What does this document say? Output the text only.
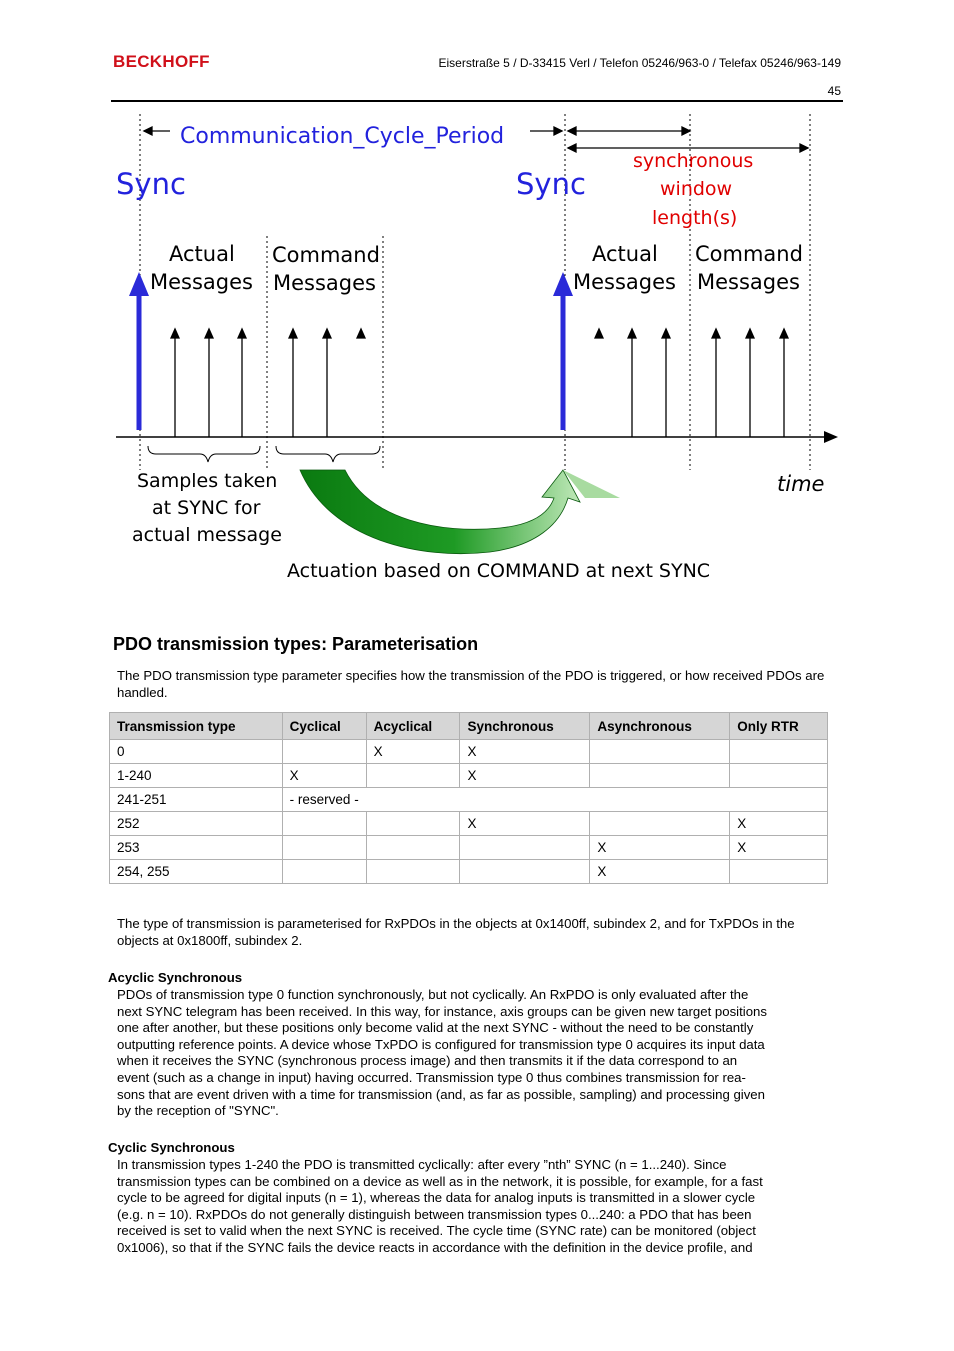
BECKHOFF	Eiserstraße 5 / D-33415 Verl / Telefon 05246/963-0 / Telefax 05246/963-149
45
Communication_Cycle_Period
Sync	Sync
synchronous
window
length(s)
Actual
Messages
Command
Messages
Actual
Messages
Command
Messages
time
Samples taken
at SYNC for
actual message
Actuation based on COMMAND at next SYNC
PDO transmission types: Parameterisation
The PDO transmission type parameter specifies how the transmission of the PDO is triggered, or how received PDOs are handled.
Transmission type	Cyclical	Acyclical	Synchronous	Asynchronous	Only RTR
0		X	X		
1-240	X		X		
241-251	- reserved -				
252			X		X
253				X	X
254, 255				X	
The type of transmission is parameterised for RxPDOs in the objects at 0x1400ff, subindex 2, and for TxPDOs in the objects at 0x1800ff, subindex 2.
Acyclic Synchronous
PDOs of transmission type 0 function synchronously, but not cyclically. An RxPDO is only evaluated after the
next SYNC telegram has been received. In this way, for instance, axis groups can be given new target positions
one after another, but these positions only become valid at the next SYNC - without the need to be constantly
outputting reference points. A device whose TxPDO is configured for transmission type 0 acquires its input data
when it receives the SYNC (synchronous process image) and then transmits it if the data correspond to an
event (such as a change in input) having occurred. Transmission type 0 thus combines transmission for rea-
sons that are event driven with a time for transmission (and, as far as possible, sampling) and processing given
by the reception of "SYNC".
Cyclic Synchronous
In transmission types 1-240 the PDO is transmitted cyclically: after every ”nth” SYNC (n = 1...240). Since
transmission types can be combined on a device as well as in the network, it is possible, for example, for a fast
cycle to be agreed for digital inputs (n = 1), whereas the data for analog inputs is transmitted in a slower cycle
(e.g. n = 10). RxPDOs do not generally distinguish between transmission types 0...240: a PDO that has been
received is set to valid when the next SYNC is received. The cycle time (SYNC rate) can be monitored (object
0x1006), so that if the SYNC fails the device reacts in accordance with the definition in the device profile, and
